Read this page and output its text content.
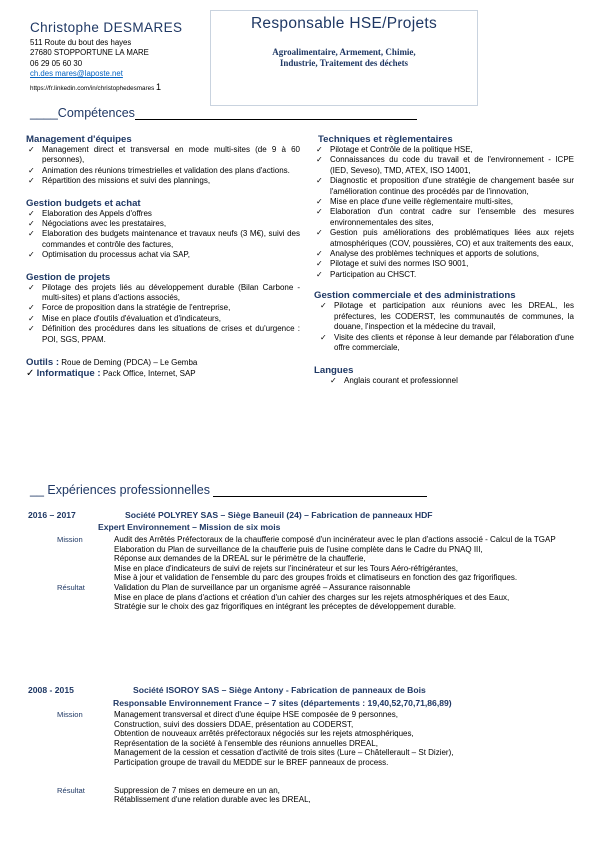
Christophe DESMARES
511 Route du bout des hayes
27680 STOPPORTUNE LA MARE
06 29 05 60 30
ch.des mares@laposte.net
https://fr.linkedin.com/in/christophedesmares 1
Responsable HSE/Projets
Agroalimentaire, Armement, Chimie,
Industrie, Traitement des déchets
____Compétences
Management d'équipes
✓ Management direct et transversal en mode multi-sites (de 9 à 60 personnes),
✓ Animation des réunions trimestrielles et validation des plans d'actions.
✓ Répartition des missions et suivi des plannings,
Gestion budgets et achat
✓ Elaboration des Appels d'offres
✓ Négociations avec les prestataires,
✓ Elaboration des budgets maintenance et travaux neufs (3 M€), suivi des commandes et contrôle des factures,
✓ Optimisation du processus achat via SAP,
Gestion de projets
✓ Pilotage des projets liés au développement durable (Bilan Carbone - multi-sites) et plans d'actions associés,
✓ Force de proposition dans la stratégie de l'entreprise,
✓ Mise en place d'outils d'évaluation et d'indicateurs,
✓ Définition des procédures dans les situations de crises et du'urgence : POI, SGS, PPAM.
Outils : Roue de Deming (PDCA) – Le Gemba
✓ Informatique : Pack Office, Internet, SAP
Techniques et règlementaires
✓ Pilotage et Contrôle de la politique HSE,
✓ Connaissances du code du travail et de l'environnement - ICPE (IED, Seveso), TMD, ATEX, ISO 14001,
✓ Diagnostic et proposition d'une stratégie de changement basée sur l'amélioration continue des procédés par de l'innovation,
✓ Mise en place d'une veille règlementaire multi-sites,
✓ Elaboration d'un contrat cadre sur l'ensemble des mesures environnementales des sites,
✓ Gestion puis améliorations des problématiques liées aux rejets atmosphériques (COV, poussières, CO) et aux traitements des eaux,
✓ Analyse des problèmes techniques et apports de solutions,
✓ Pilotage et suivi des normes ISO 9001,
✓ Participation au CHSCT.
Gestion commerciale et des administrations
✓ Pilotage et participation aux réunions avec les DREAL, les préfectures, les CODERST, les communautés de communes, la douane, l'inspection et la médecine du travail,
✓ Visite des clients et réponse à leur demande par l'élaboration d'une offre commerciale,
Langues
✓ Anglais courant et professionnel
__ Expériences professionnelles
2016 – 2017	Société POLYREY SAS – Siège Baneuil (24) – Fabrication de panneaux HDF
Expert Environnement – Mission de six mois
Mission	Audit des Arrêtés Préfectoraux de la chaufferie composé d'un incinérateur avec le plan d'actions associé - Calcul de la TGAP
Elaboration du Plan de surveillance de la chaufferie puis de l'usine complète dans le Cadre du PNAQ III,
Réponse aux demandes de la DREAL sur le périmètre de la chaufferie,
Mise en place d'indicateurs de suivi de rejets sur l'incinérateur et sur les Tours Aéro-réfrigérantes,
Mise à jour et validation de l'ensemble du parc des groupes froids et climatiseurs en fonction des gaz frigorifiques.
Résultat	Validation du Plan de surveillance par un organisme agréé – Assurance raisonnable
Mise en place de plans d'actions et création d'un cahier des charges sur les rejets atmosphériques et des Eaux,
Stratégie sur le choix des gaz frigorifiques en intégrant les préceptes de développement durable.
2008 - 2015	Société ISOROY SAS – Siège Antony - Fabrication de panneaux de Bois
Responsable Environnement France – 7 sites (départements : 19,40,52,70,71,86,89)
Mission	Management transversal et direct d'une équipe HSE composée de 9 personnes,
Construction, suivi des dossiers DDAE, présentation au CODERST,
Obtention de nouveaux arrêtés préfectoraux négociés sur les rejets atmosphériques,
Représentation de la société à l'ensemble des réunions annuelles DREAL,
Management de la cession et cessation d'activité de trois sites (Lure – Châtellerault – St Dizier),
Participation groupe de travail du MEDDE sur le BREF panneaux de process.
Résultat	Suppression de 7 mises en demeure en un an,
Rétablissement d'une relation durable avec les DREAL,
